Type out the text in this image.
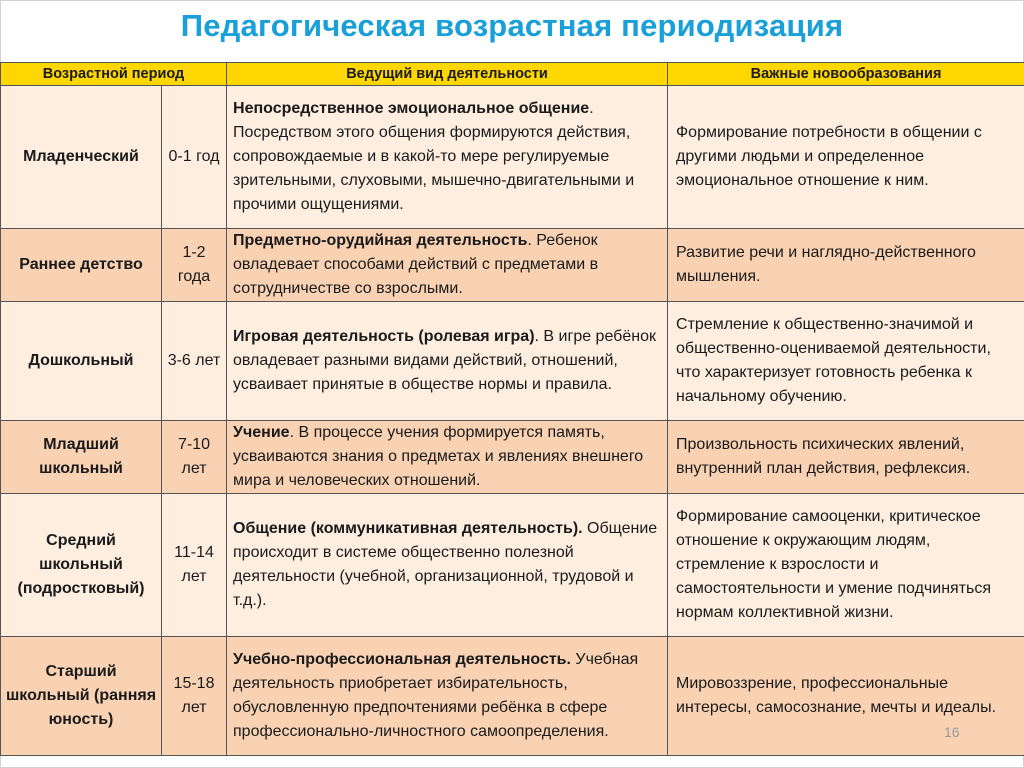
Педагогическая возрастная периодизация
Возрастной период		Ведущий вид деятельности	Важные новообразования
Младенческий	0-1 год	Непосредственное эмоциональное общение. Посредством этого общения формируются действия, сопровождаемые и в какой-то мере регулируемые зрительными, слуховыми, мышечно-двигательными и прочими ощущениями.	Формирование потребности в общении с другими людьми и определенное эмоциональное отношение к ним.
Раннее детство	1-2 года	Предметно-орудийная деятельность. Ребенок овладевает способами действий с предметами в сотрудничестве со взрослыми.	Развитие речи и наглядно-действенного мышления.
Дошкольный	3-6 лет	Игровая деятельность (ролевая игра). В игре ребёнок овладевает разными видами действий, отношений, усваивает принятые в обществе нормы и правила.	Стремление к общественно-значимой и общественно-оцениваемой деятельности, что характеризует готовность ребенка к начальному обучению.
Младший школьный	7-10 лет	Учение. В процессе учения формируется память, усваиваются знания о предметах и явлениях внешнего мира и человеческих отношений.	Произвольность психических явлений, внутренний план действия, рефлексия.
Средний школьный (подростковый)	11-14 лет	Общение (коммуникативная деятельность). Общение происходит в системе общественно полезной деятельности (учебной, организационной, трудовой и т.д.).	Формирование самооценки, критическое отношение к окружающим людям, стремление к взрослости и самостоятельности и умение подчиняться нормам коллективной жизни.
Старший школьный (ранняя юность)	15-18 лет	Учебно-профессиональная деятельность. Учебная деятельность приобретает избирательность, обусловленную предпочтениями ребёнка в сфере профессионально-личностного самоопределения.	Мировоззрение, профессиональные интересы, самосознание, мечты и идеалы.
16
